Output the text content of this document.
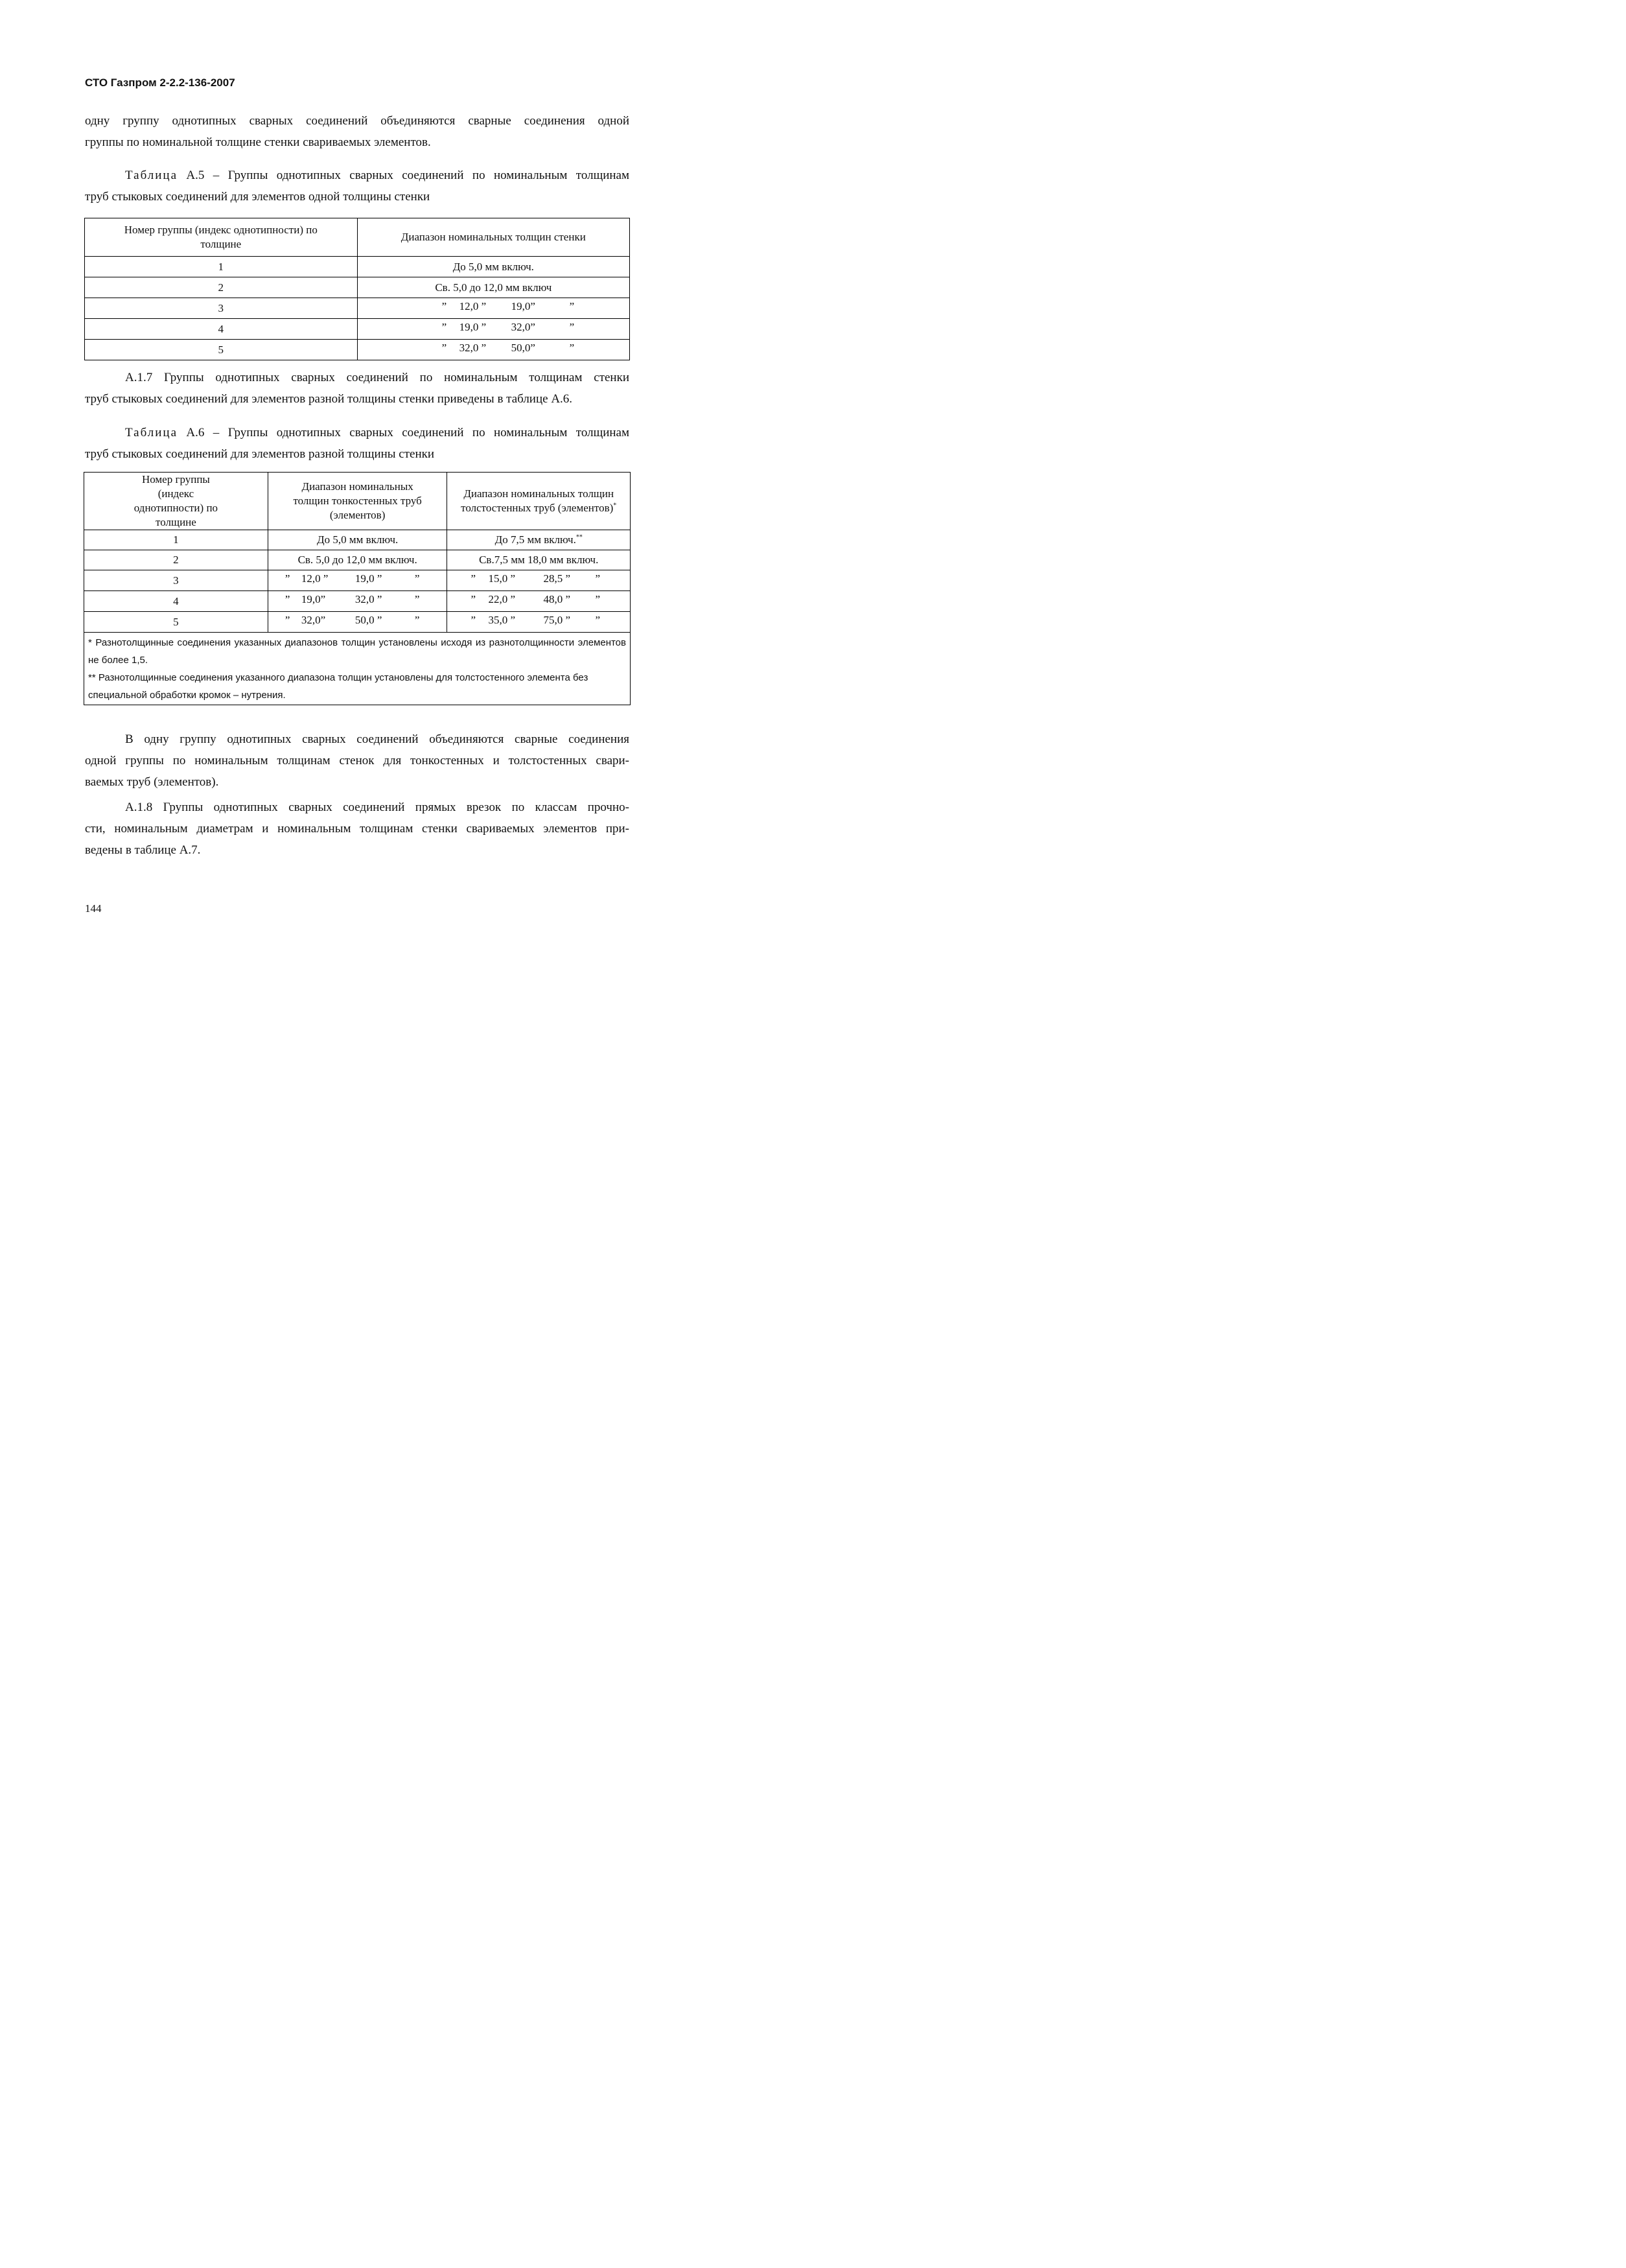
СТО Газпром 2-2.2-136-2007
одну группу однотипных сварных соединений объединяются сварные соединения одной
группы по номинальной толщине стенки свариваемых элементов.
Таблица А.5 – Группы однотипных сварных соединений по номинальным толщинам
труб стыковых соединений для элементов одной толщины стенки
Номер группы (индекс однотипности) по толщине	Диапазон номинальных толщин стенки
1	До 5,0 мм включ.
2	Св. 5,0 до 12,0 мм включ
3	” 12,0 ” 19,0” ”

4	” 19,0 ” 32,0” ”

5	” 32,0 ” 50,0” ”
А.1.7 Группы однотипных сварных соединений по номинальным толщинам стенки
труб стыковых соединений для элементов разной толщины стенки приведены в таблице А.6.
Таблица А.6 – Группы однотипных сварных соединений по номинальным толщинам
труб стыковых соединений для элементов разной толщины стенки
Номер группы (индекс однотипности) по толщине	Диапазон номинальных толщин тонкостенных труб (элементов)	Диапазон номинальных толщин толстостенных труб (элементов)*
1	До 5,0 мм включ.	До 7,5 мм включ.**
2	Св. 5,0 до 12,0 мм включ.	Св.7,5 мм 18,0 мм включ.
3	” 12,0 ” 19,0 ” ”	” 15,0 ” 28,5 ” ”

4	” 19,0” 32,0 ” ”	” 22,0 ” 48,0 ” ”

5	” 32,0” 50,0 ” ”	” 35,0 ” 75,0 ” ”

* Разнотолщинные соединения указанных диапазонов толщин установлены исходя из разнотолщинности элементов не более 1,5.
** Разнотолщинные соединения указанного диапазона толщин установлены для толстостенного элемента без специальной обработки кромок – нутрения.		
В одну группу однотипных сварных соединений объединяются сварные соединения
одной группы по номинальным толщинам стенок для тонкостенных и толстостенных свари-
ваемых труб (элементов).
А.1.8 Группы однотипных сварных соединений прямых врезок по классам прочно-
сти, номинальным диаметрам и номинальным толщинам стенки свариваемых элементов при-
ведены в таблице А.7.
144
